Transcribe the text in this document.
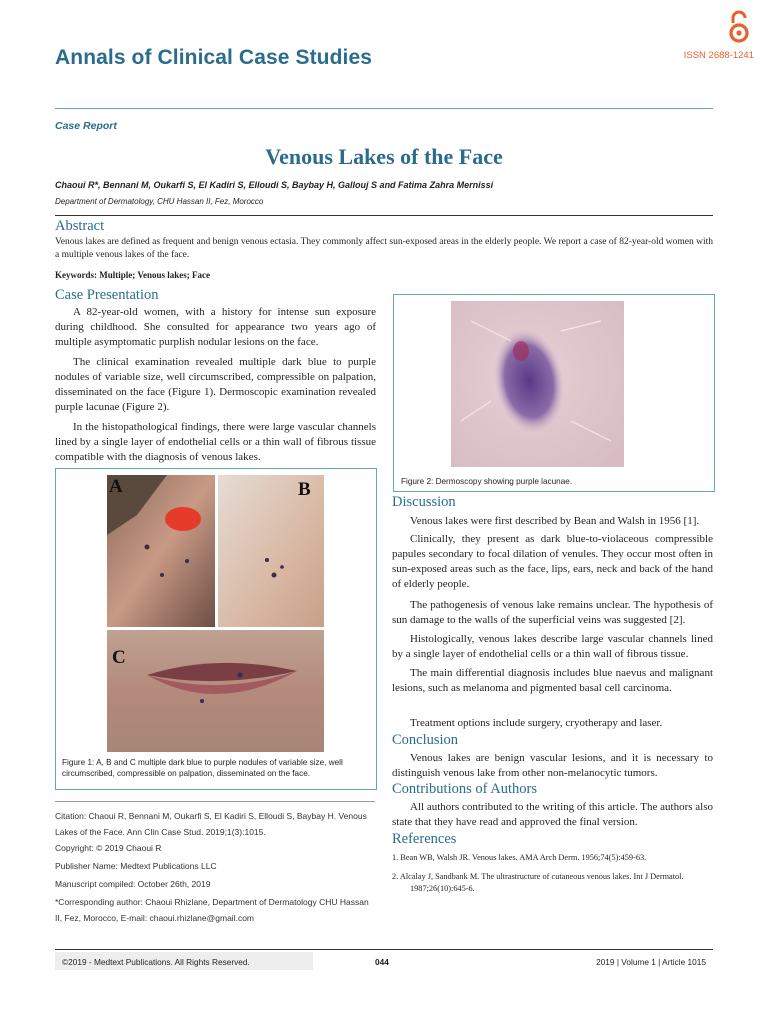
Annals of Clinical Case Studies	ISSN 2688-1241
Case Report
Venous Lakes of the Face
Chaoui R*, Bennani M, Oukarfi S, El Kadiri S, Elloudi S, Baybay H, Gallouj S and Fatima Zahra Mernissi
Department of Dermatology, CHU Hassan II, Fez, Morocco
Abstract

Venous lakes are defined as frequent and benign venous ectasia. They commonly affect sun-exposed areas in the elderly people. We report a case of 82-year-old women with a multiple venous lakes of the face.

Keywords: Multiple; Venous lakes; Face

Case Presentation

A 82-year-old women, with a history for intense sun exposure during childhood. She consulted for appearance two years ago of multiple asymptomatic purplish nodular lesions on the face.

The clinical examination revealed multiple dark blue to purple nodules of variable size, well circumscribed, compressible on palpation, disseminated on the face (Figure 1). Dermoscopic examination revealed purple lacunae (Figure 2).

In the histopathological findings, there were large vascular channels lined by a single layer of endothelial cells or a thin wall of fibrous tissue compatible with the diagnosis of venous lakes.

A	B
C
Figure 1: A, B and C multiple dark blue to purple nodules of variable size, well circumscribed, compressible on palpation, disseminated on the face.
Figure 2: Dermoscopy showing purple lacunae.
Discussion

Venous lakes were first described by Bean and Walsh in 1956 [1].

Clinically, they present as dark blue-to-violaceous compressible papules secondary to focal dilation of venules. They occur most often in sun-exposed areas such as the face, lips, ears, neck and back of the hand of elderly people.

The pathogenesis of venous lake remains unclear. The hypothesis of sun damage to the walls of the superficial veins was suggested [2].

Histologically, venous lakes describe large vascular channels lined by a single layer of endothelial cells or a thin wall of fibrous tissue.

The main differential diagnosis includes blue naevus and malignant lesions, such as melanoma and pigmented basal cell carcinoma.

Treatment options include surgery, cryotherapy and laser.

Conclusion

Venous lakes are benign vascular lesions, and it is necessary to distinguish venous lake from other non-melanocytic tumors.

Contributions of Authors

All authors contributed to the writing of this article. The authors also state that they have read and approved the final version.

References
1. Bean WB, Walsh JR. Venous lakes. AMA Arch Derm. 1956;74(5):459-63.
2. Alcalay J, Sandbank M. The ultrastructure of cutaneous venous lakes. Int J Dermatol.
1987;26(10):645-6.
Citation: Chaoui R, Bennani M, Oukarfi S, El Kadiri S, Elloudi S, Baybay H. Venous Lakes of the Face. Ann Clin Case Stud. 2019;1(3):1015.
Copyright: © 2019 Chaoui R
Publisher Name: Medtext Publications LLC
Manuscript compiled: October 26th, 2019
*Corresponding author: Chaoui Rhizlane, Department of Dermatology CHU Hassan II, Fez, Morocco, E-mail: chaoui.rhizlane@gmail.com
©2019 - Medtext Publications. All Rights Reserved.	044	2019 | Volume 1 | Article 1015
